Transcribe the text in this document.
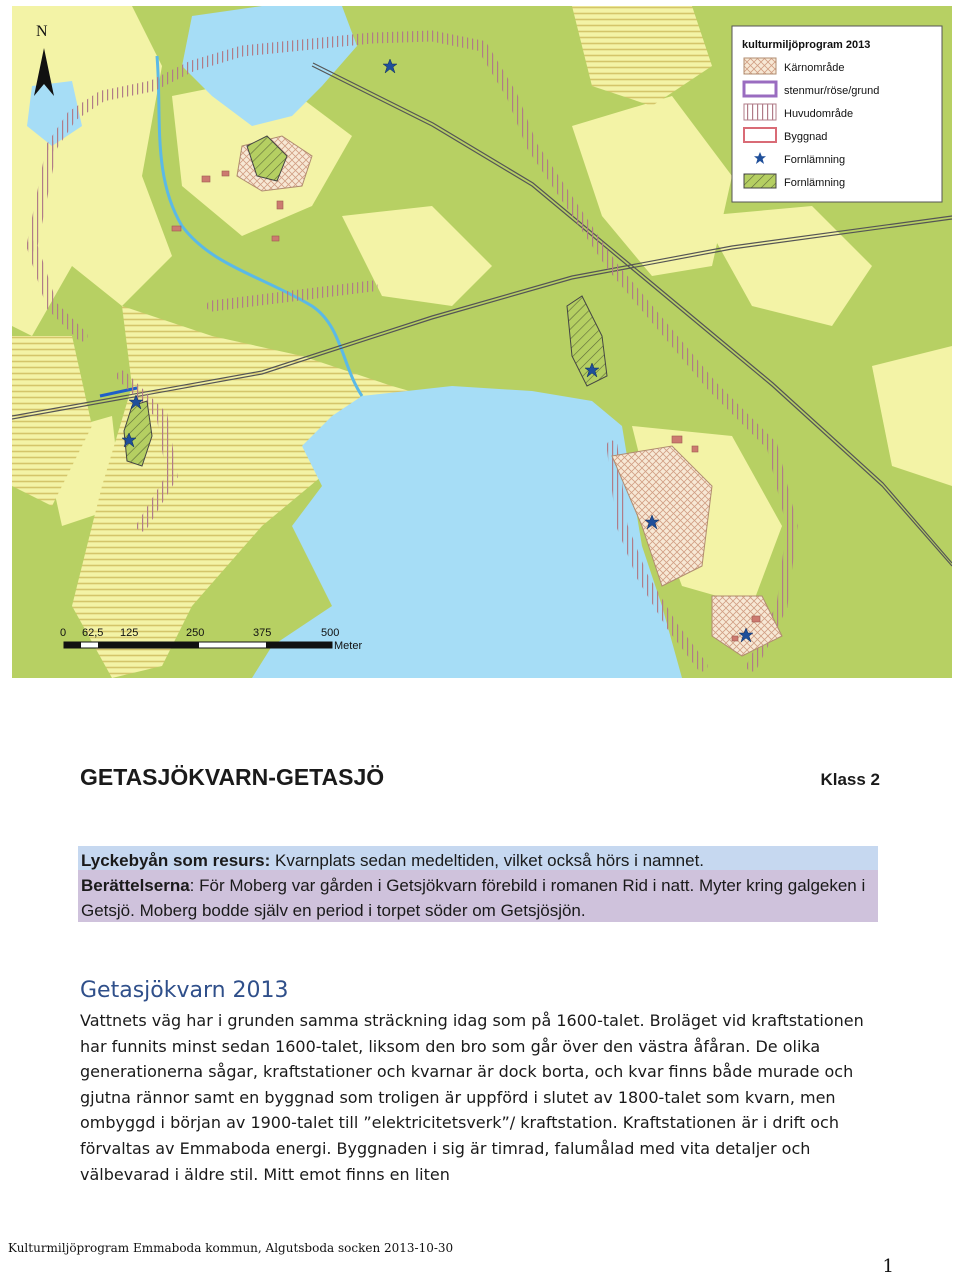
N
kulturmiljöprogram 2013
Kärnområde
stenmur/röse/grund
Huvudområde
Byggnad
Fornlämning
Fornlämning
0 62,5 125	250	375	500
Meter
GETASJÖKVARN-GETASJÖ	Klass 2
Lyckebyån som resurs: Kvarnplats sedan medeltiden, vilket också hörs i namnet.
Berättelserna: För Moberg var gården i Getsjökvarn förebild i romanen Rid i natt. Myter kring galgeken i Getsjö. Moberg bodde själv en period i torpet söder om Getsjösjön.
Getasjökvarn 2013
Vattnets väg har i grunden samma sträckning idag som på 1600-talet. Broläget vid kraftstationen har funnits minst sedan 1600-talet, liksom den bro som går över den västra åfåran. De olika generationerna sågar, kraftstationer och kvarnar är dock borta, och kvar finns både murade och gjutna rännor samt en byggnad som troligen är uppförd i slutet av 1800-talet som kvarn, men ombyggd i början av 1900-talet till ”elektricitetsverk”/ kraftstation. Kraftstationen är i drift och förvaltas av Emmaboda energi. Byggnaden i sig är timrad, falumålad med vita detaljer och välbevarad i äldre stil. Mitt emot finns en liten
Kulturmiljöprogram Emmaboda kommun, Algutsboda socken 2013-10-30
1
